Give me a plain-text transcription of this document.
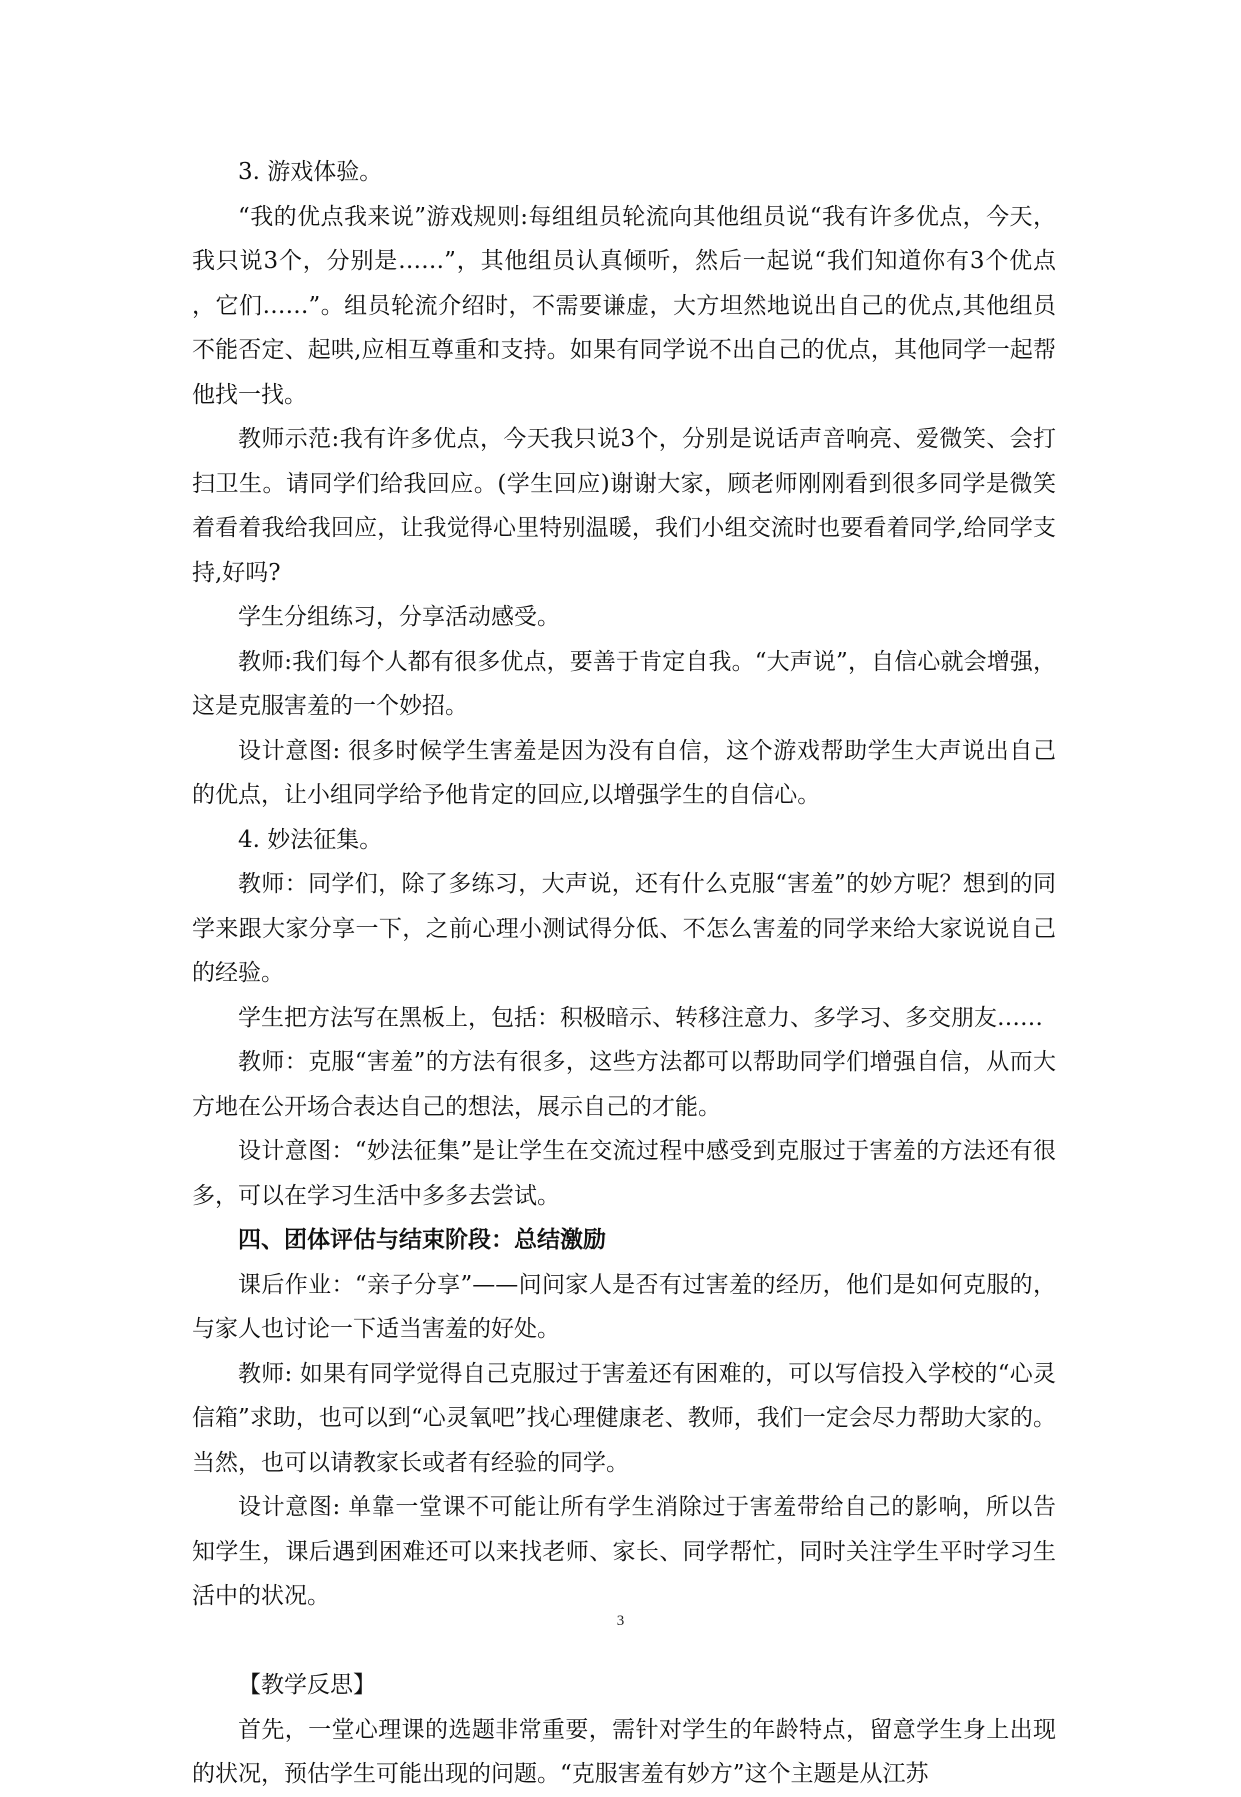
3. 游戏体验。

“我的优点我来说”游戏规则:每组组员轮流向其他组员说“我有许多优点，今天，我只说3个，分别是……”，其他组员认真倾听，然后一起说“我们知道你有3个优点 ，它们……”。组员轮流介绍时，不需要谦虚，大方坦然地说出自己的优点,其他组员不能否定、起哄,应相互尊重和支持。如果有同学说不出自己的优点，其他同学一起帮他找一找。

教师示范:我有许多优点，今天我只说3个，分别是说话声音响亮、爱微笑、会打扫卫生。请同学们给我回应。(学生回应)谢谢大家，顾老师刚刚看到很多同学是微笑着看着我给我回应，让我觉得心里特别温暖，我们小组交流时也要看着同学,给同学支持,好吗?

学生分组练习，分享活动感受。

教师:我们每个人都有很多优点，要善于肯定自我。“大声说”，自信心就会增强，这是克服害羞的一个妙招。

设计意图: 很多时候学生害羞是因为没有自信，这个游戏帮助学生大声说出自己的优点，让小组同学给予他肯定的回应,以增强学生的自信心。

4. 妙法征集。

教师：同学们，除了多练习，大声说，还有什么克服“害羞”的妙方呢？想到的同学来跟大家分享一下，之前心理小测试得分低、不怎么害羞的同学来给大家说说自己的经验。

学生把方法写在黑板上，包括：积极暗示、转移注意力、多学习、多交朋友……

教师：克服“害羞”的方法有很多，这些方法都可以帮助同学们增强自信，从而大方地在公开场合表达自己的想法，展示自己的才能。

设计意图：“妙法征集”是让学生在交流过程中感受到克服过于害羞的方法还有很多，可以在学习生活中多多去尝试。

四、团体评估与结束阶段：总结激励

课后作业：“亲子分享”——问问家人是否有过害羞的经历，他们是如何克服的，与家人也讨论一下适当害羞的好处。

教师: 如果有同学觉得自己克服过于害羞还有困难的，可以写信投入学校的“心灵信箱”求助，也可以到“心灵氧吧”找心理健康老、教师，我们一定会尽力帮助大家的。当然，也可以请教家长或者有经验的同学。

设计意图: 单靠一堂课不可能让所有学生消除过于害羞带给自己的影响，所以告知学生，课后遇到困难还可以来找老师、家长、同学帮忙，同时关注学生平时学习生活中的状况。

【教学反思】

首先，一堂心理课的选题非常重要，需针对学生的年龄特点，留意学生身上出现的状况，预估学生可能出现的问题。“克服害羞有妙方”这个主题是从江苏

3
